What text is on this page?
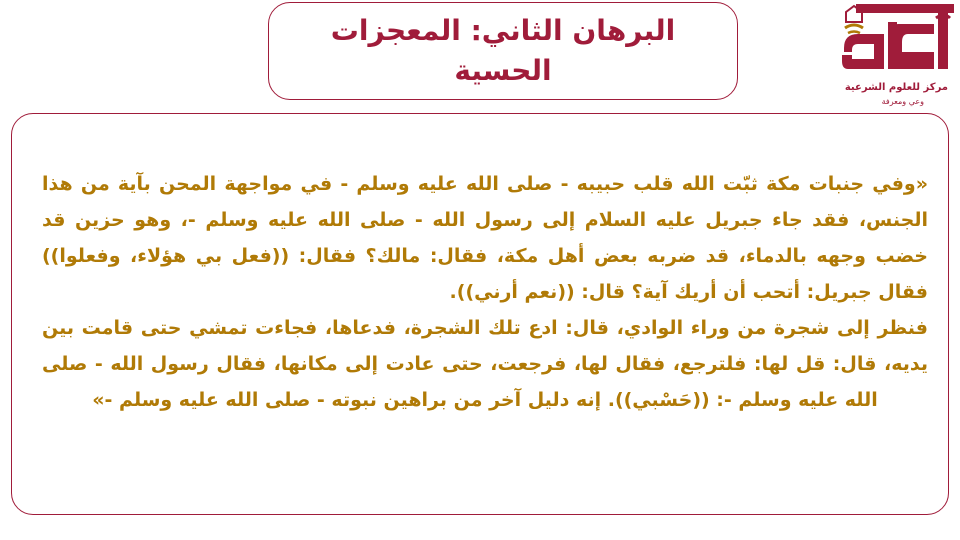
البرهان الثاني: المعجزات الحسية
مركز للعلوم الشرعية
وعي ومعرفة

«وفي جنبات مكة ثبّت الله قلب حبيبه - صلى الله عليه وسلم - في مواجهة المحن بآية من هذا الجنس، فقد جاء جبريل عليه السلام إلى رسول الله - صلى الله عليه وسلم -، وهو حزين قد خضب وجهه بالدماء، قد ضربه بعض أهل مكة، فقال: مالك؟ فقال: ((فعل بي هؤلاء، وفعلوا)) فقال جبريل: أتحب أن أريك آية؟ قال: ((نعم أرني)).

فنظر إلى شجرة من وراء الوادي، قال: ادع تلك الشجرة، فدعاها، فجاءت تمشي حتى قامت بين يديه، قال: قل لها: فلترجع، فقال لها، فرجعت، حتى عادت إلى مكانها، فقال رسول الله - صلى الله عليه وسلم -: ((حَسْبي)). إنه دليل آخر من براهين نبوته - صلى الله عليه وسلم -»
